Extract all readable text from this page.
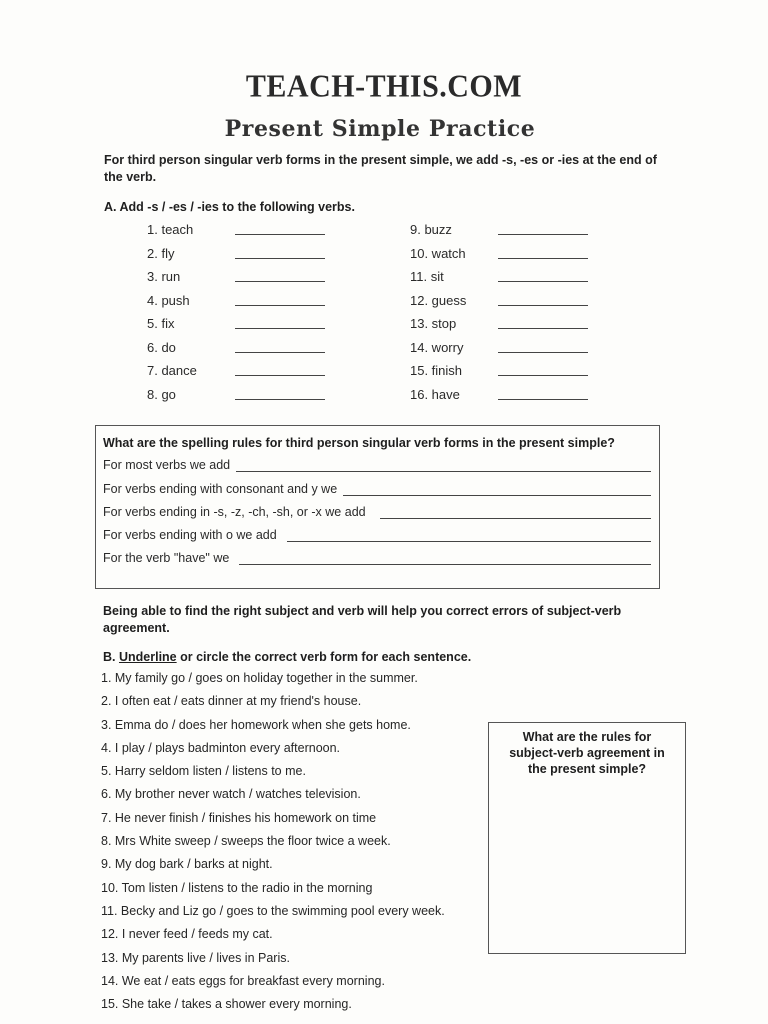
TEACH-THIS.COM
Present Simple Practice
For third person singular verb forms in the present simple, we add -s, -es or -ies at the end of the verb.
A. Add -s / -es / -ies to the following verbs.
1. teach
2. fly
3. run
4. push
5. fix
6. do
7. dance
8. go
9. buzz
10. watch
11. sit
12. guess
13. stop
14. worry
15. finish
16. have
What are the spelling rules for third person singular verb forms in the present simple?
For most verbs we add
For verbs ending with consonant and y we
For verbs ending in -s, -z, -ch, -sh, or -x we add
For verbs ending with o we add
For the verb "have" we
Being able to find the right subject and verb will help you correct errors of subject-verb agreement.
B. Underline or circle the correct verb form for each sentence.
1. My family go / goes on holiday together in the summer.
2. I often eat / eats dinner at my friend's house.
3. Emma do / does her homework when she gets home.
4. I play / plays badminton every afternoon.
5. Harry seldom listen / listens to me.
6. My brother never watch / watches television.
7. He never finish / finishes his homework on time
8. Mrs White sweep / sweeps the floor twice a week.
9. My dog bark / barks at night.
10. Tom listen / listens to the radio in the morning
11. Becky and Liz go / goes to the swimming pool every week.
12. I never feed / feeds my cat.
13. My parents live / lives in Paris.
14. We eat / eats eggs for breakfast every morning.
15. She take / takes a shower every morning.
What are the rules for subject-verb agreement in the present simple?
